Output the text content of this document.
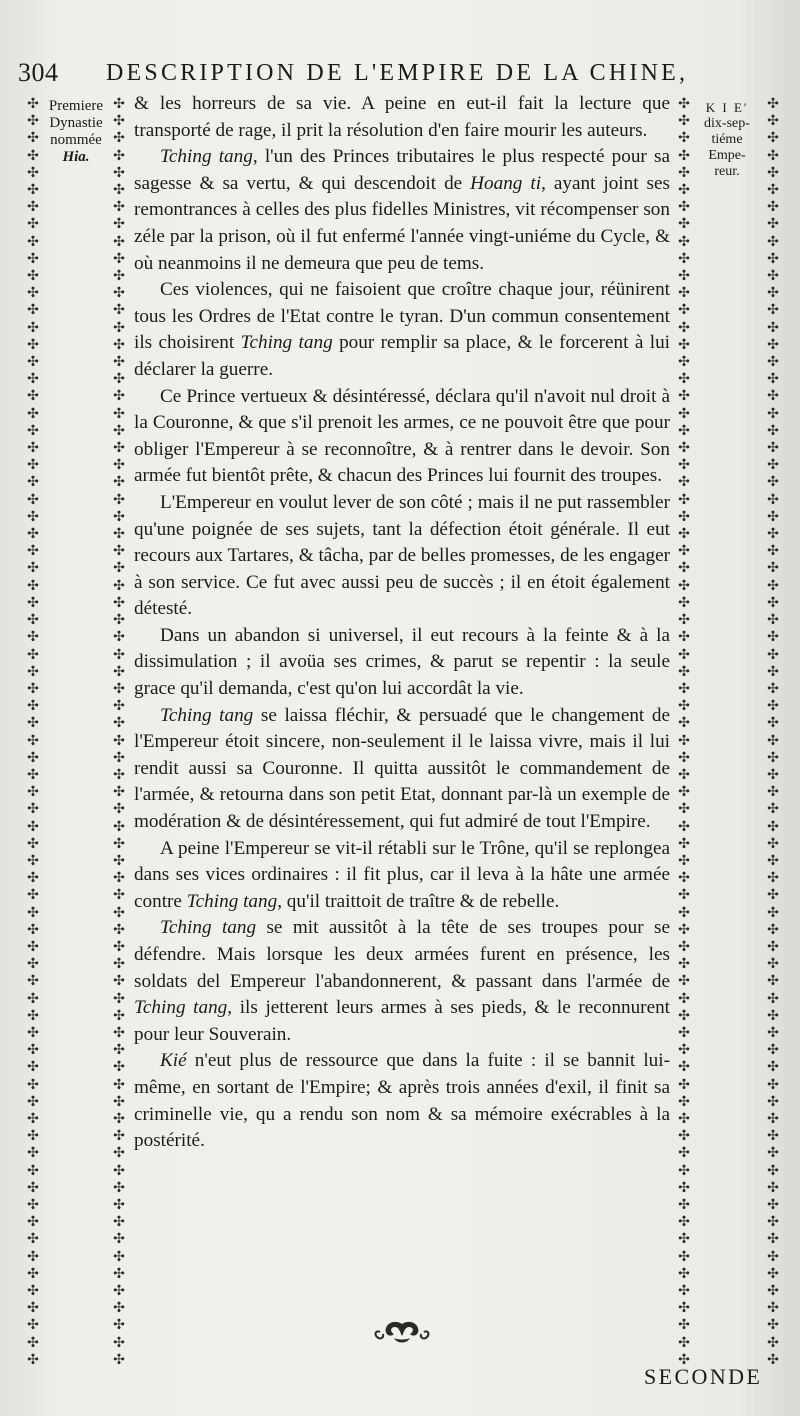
304 DESCRIPTION DE L'EMPIRE DE LA CHINE,
✣
✣
✣
✣
✣
✣
✣
✣
✣
✣
✣
✣
✣
✣
✣
✣
✣
✣
✣
✣
✣
✣
✣
✣
✣
✣
✣
✣
✣
✣
✣
✣
✣
✣
✣
✣
✣
✣
✣
✣
✣
✣
✣
✣
✣
✣
✣
✣
✣
✣
✣
✣
✣
✣
✣
✣
✣
✣
✣
✣
✣
✣
✣
✣
✣
✣
✣
✣
✣
✣
✣
✣
✣
✣
✣
✣
✣
✣
✣
✣
✣
✣
✣
✣
✣
✣
✣
✣
✣
✣
✣
✣
✣
✣
✣
✣
✣
✣
✣
✣
✣
✣
✣
✣
✣
✣
✣
✣
✣
✣
✣
✣
✣
✣
✣
✣
✣
✣
✣
✣
✣
✣
✣
✣
✣
✣
✣
✣
✣
✣
✣
✣
✣
✣
✣
✣
✣
✣
✣
✣
✣
✣
✣
✣
✣
✣
✣
✣
✣
✣
✣
✣
✣
✣
✣
✣
✣
✣
✣
✣
✣
✣
✣
✣
✣
✣
✣
✣
✣
✣
✣
✣
✣
✣
✣
✣
✣
✣
✣
✣
✣
✣
✣
✣
✣
✣
✣
✣
✣
✣
✣
✣
✣
✣
✣
✣
✣
✣
✣
✣
✣
✣
✣
✣
✣
✣
✣
✣
✣
✣
✣
✣
✣
✣
✣
✣
✣
✣
✣
✣
✣
✣
✣
✣
✣
✣
✣
✣
✣
✣
✣
✣
✣
✣
✣
✣
✣
✣
✣
✣
✣
✣
✣
✣
✣
✣
✣
✣
✣
✣
✣
✣
✣
✣
✣
✣
✣
✣
✣
✣
✣
✣
✣
✣
✣
✣
✣
✣
✣
✣
✣
✣
✣
✣
✣
✣
✣
✣
✣
✣
✣
✣
✣
✣
✣
✣
✣
✣
✣
✣
✣
✣
✣
✣
✣
✣
Premiere
Dynastie
nommée
Hia.
K I E'
dix-sep-
tiéme
Empe-
reur.

& les horreurs de sa vie. A peine en eut-il fait la lecture que transporté de rage, il prit la résolution d'en faire mourir les auteurs.

Tching tang, l'un des Princes tributaires le plus respecté pour sa sagesse & sa vertu, & qui descendoit de Hoang ti, ayant joint ses remontrances à celles des plus fidelles Ministres, vit récompenser son zéle par la prison, où il fut enfermé l'année vingt-uniéme du Cycle, & où neanmoins il ne demeura que peu de tems.

Ces violences, qui ne faisoient que croître chaque jour, réünirent tous les Ordres de l'Etat contre le tyran. D'un commun consentement ils choisirent Tching tang pour remplir sa place, & le forcerent à lui déclarer la guerre.

Ce Prince vertueux & désintéressé, déclara qu'il n'avoit nul droit à la Couronne, & que s'il prenoit les armes, ce ne pouvoit être que pour obliger l'Empereur à se reconnoître, & à rentrer dans le devoir. Son armée fut bientôt prête, & chacun des Princes lui fournit des troupes.

L'Empereur en voulut lever de son côté ; mais il ne put rassembler qu'une poignée de ses sujets, tant la défection étoit générale. Il eut recours aux Tartares, & tâcha, par de belles promesses, de les engager à son service. Ce fut avec aussi peu de succès ; il en étoit également détesté.

Dans un abandon si universel, il eut recours à la feinte & à la dissimulation ; il avoüa ses crimes, & parut se repentir : la seule grace qu'il demanda, c'est qu'on lui accordât la vie.

Tching tang se laissa fléchir, & persuadé que le changement de l'Empereur étoit sincere, non-seulement il le laissa vivre, mais il lui rendit aussi sa Couronne. Il quitta aussitôt le commandement de l'armée, & retourna dans son petit Etat, donnant par-là un exemple de modération & de désintéressement, qui fut admiré de tout l'Empire.

A peine l'Empereur se vit-il rétabli sur le Trône, qu'il se replongea dans ses vices ordinaires : il fit plus, car il leva à la hâte une armée contre Tching tang, qu'il traittoit de traître & de rebelle.

Tching tang se mit aussitôt à la tête de ses troupes pour se défendre. Mais lorsque les deux armées furent en présence, les soldats del Empereur l'abandonnerent, & passant dans l'armée de Tching tang, ils jetterent leurs armes à ses pieds, & le reconnurent pour leur Souverain.

Kié n'eut plus de ressource que dans la fuite : il se bannit lui-même, en sortant de l'Empire; & après trois années d'exil, il finit sa criminelle vie, qu a rendu son nom & sa mémoire exécrables à la postérité.

SECONDE
